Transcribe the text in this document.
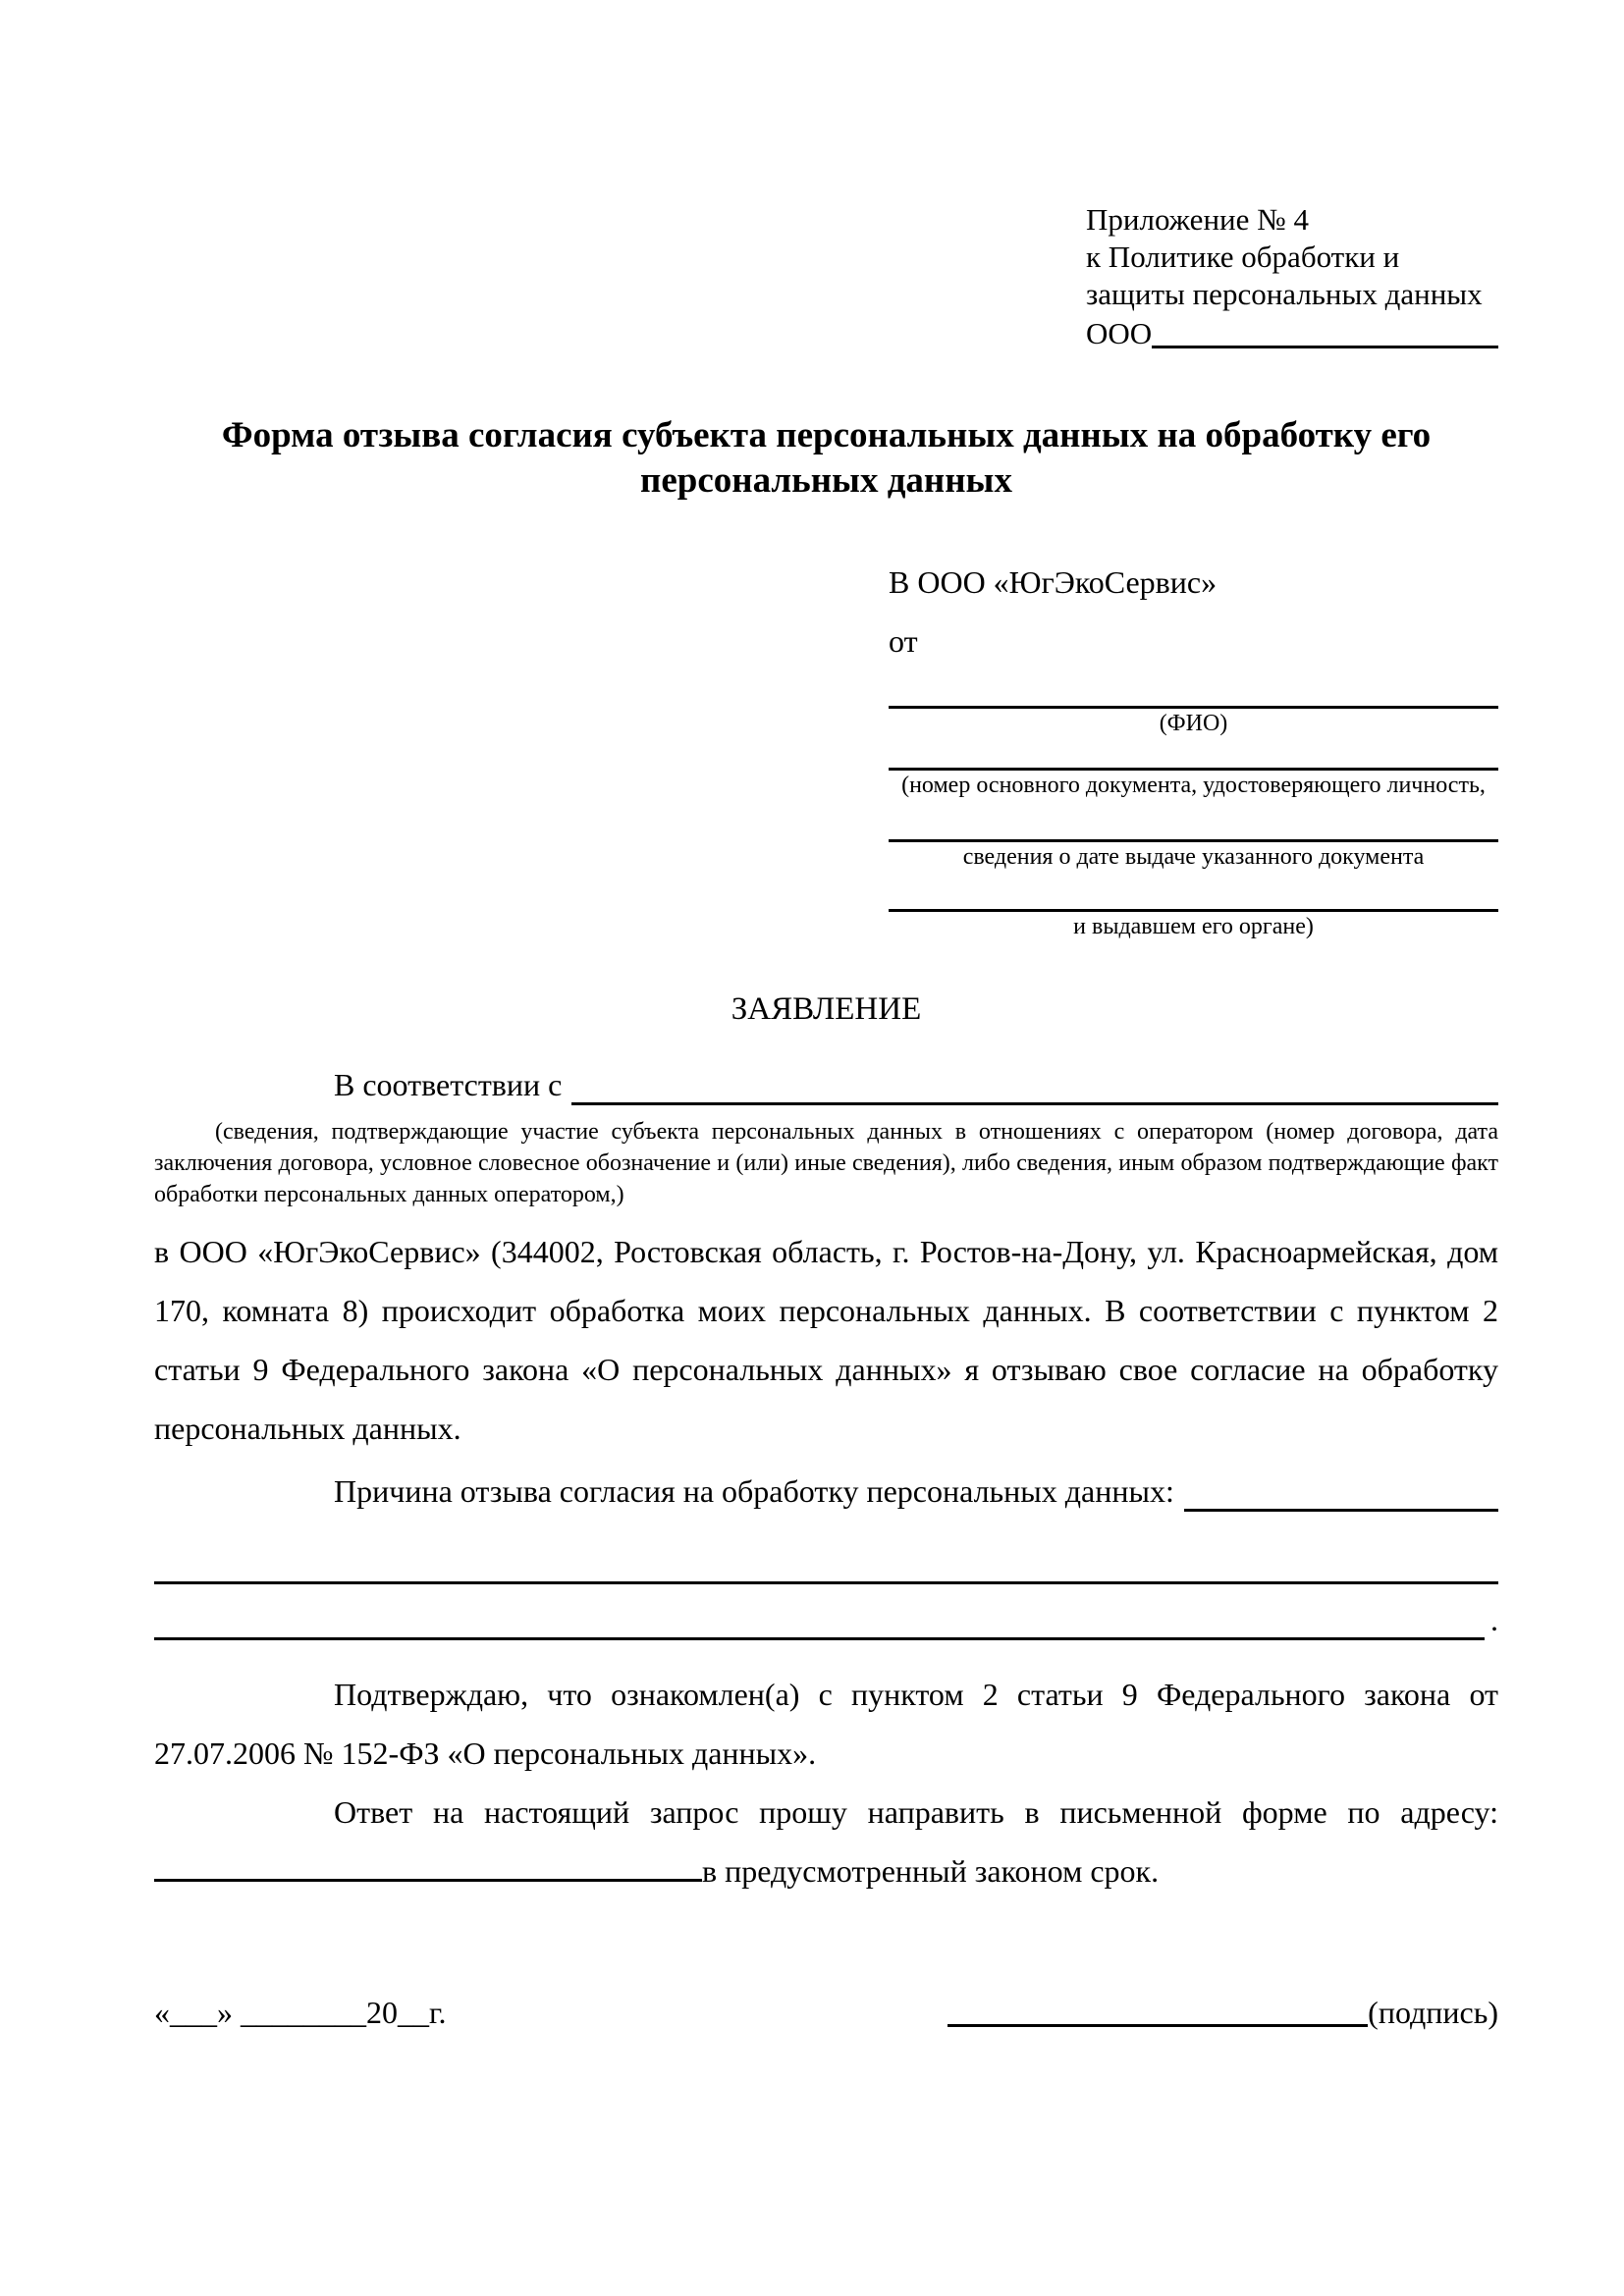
Приложение № 4
к Политике обработки и
защиты персональных данных
ООО
Форма отзыва согласия субъекта персональных данных на обработку его персональных данных
В ООО «ЮгЭкоСервис»
от
(ФИО)
(номер основного документа, удостоверяющего личность,
сведения о дате выдаче указанного документа
и выдавшем его органе)
ЗАЯВЛЕНИЕ
В соответствии с
(сведения, подтверждающие участие субъекта персональных данных в отношениях с оператором (номер договора, дата заключения договора, условное словесное обозначение и (или) иные сведения), либо сведения, иным образом подтверждающие факт обработки персональных данных оператором,)
в ООО «ЮгЭкоСервис» (344002, Ростовская область, г. Ростов-на-Дону, ул. Красноармейская, дом 170, комната 8) происходит обработка моих персональных данных. В соответствии с пунктом 2 статьи 9 Федерального закона «О персональных данных» я отзываю свое согласие на обработку персональных данных.
Причина отзыва согласия на обработку персональных данных:
.
Подтверждаю, что ознакомлен(а) с пунктом 2 статьи 9 Федерального закона от 27.07.2006 № 152-ФЗ «О персональных данных».
Ответ на настоящий запрос прошу направить в письменной форме по адресу: в предусмотренный законом срок.
«___» ________20__г.	(подпись)
